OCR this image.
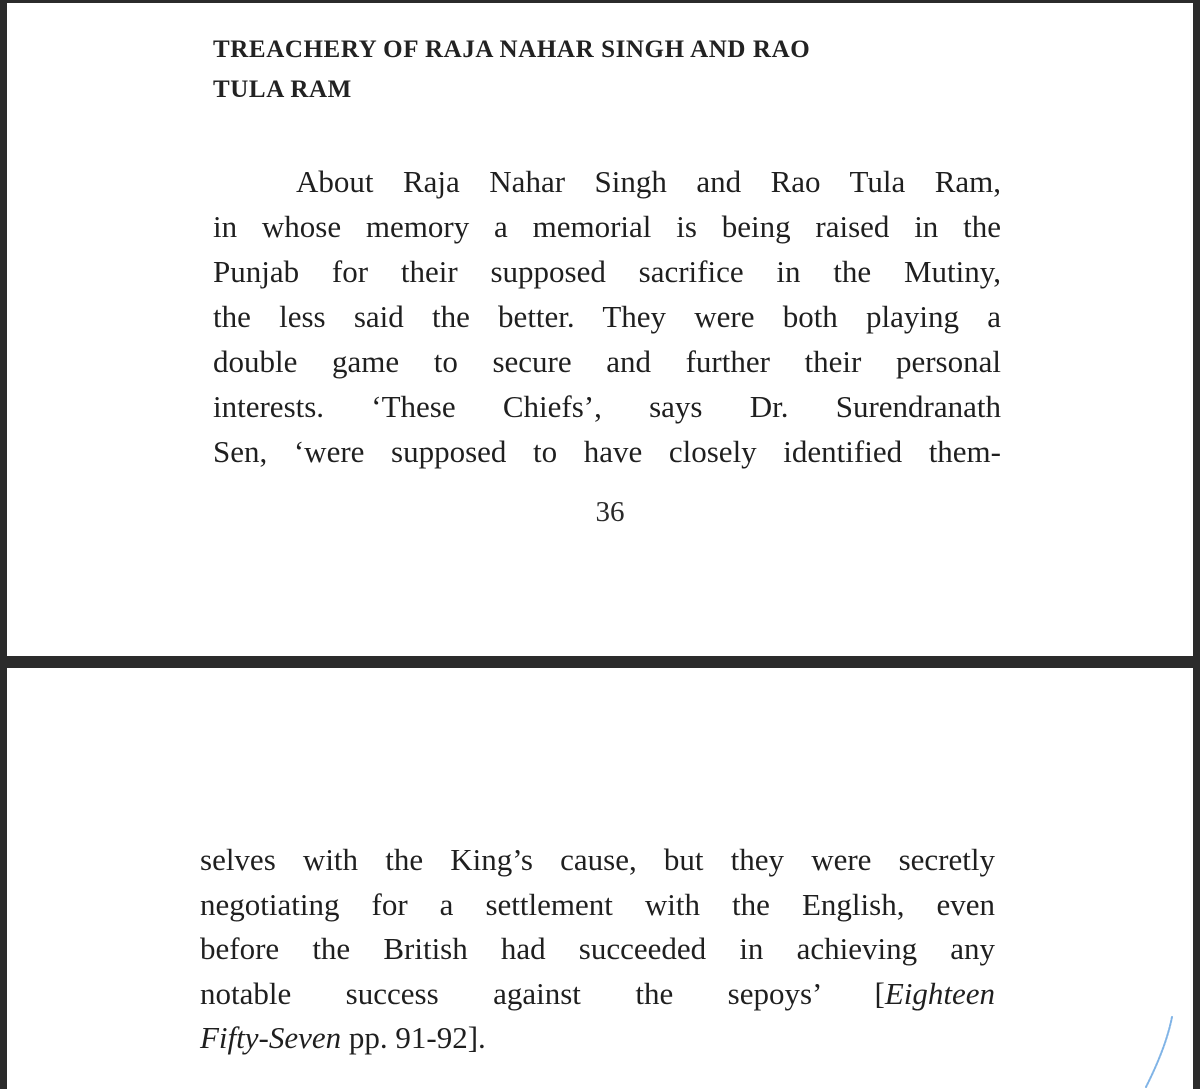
TREACHERY OF RAJA NAHAR SINGH AND RAO
TULA RAM
About Raja Nahar Singh and Rao Tula Ram,
in whose memory a memorial is being raised in the
Punjab for their supposed sacrifice in the Mutiny,
the less said the better. They were both playing a
double game to secure and further their personal
interests. ‘These Chiefs’, says Dr. Surendranath
Sen, ‘were supposed to have closely identified them-
36
selves with the King’s cause, but they were secretly
negotiating for a settlement with the English, even
before the British had succeeded in achieving any
notable success against the sepoys’ [Eighteen
Fifty-Seven pp. 91-92].
